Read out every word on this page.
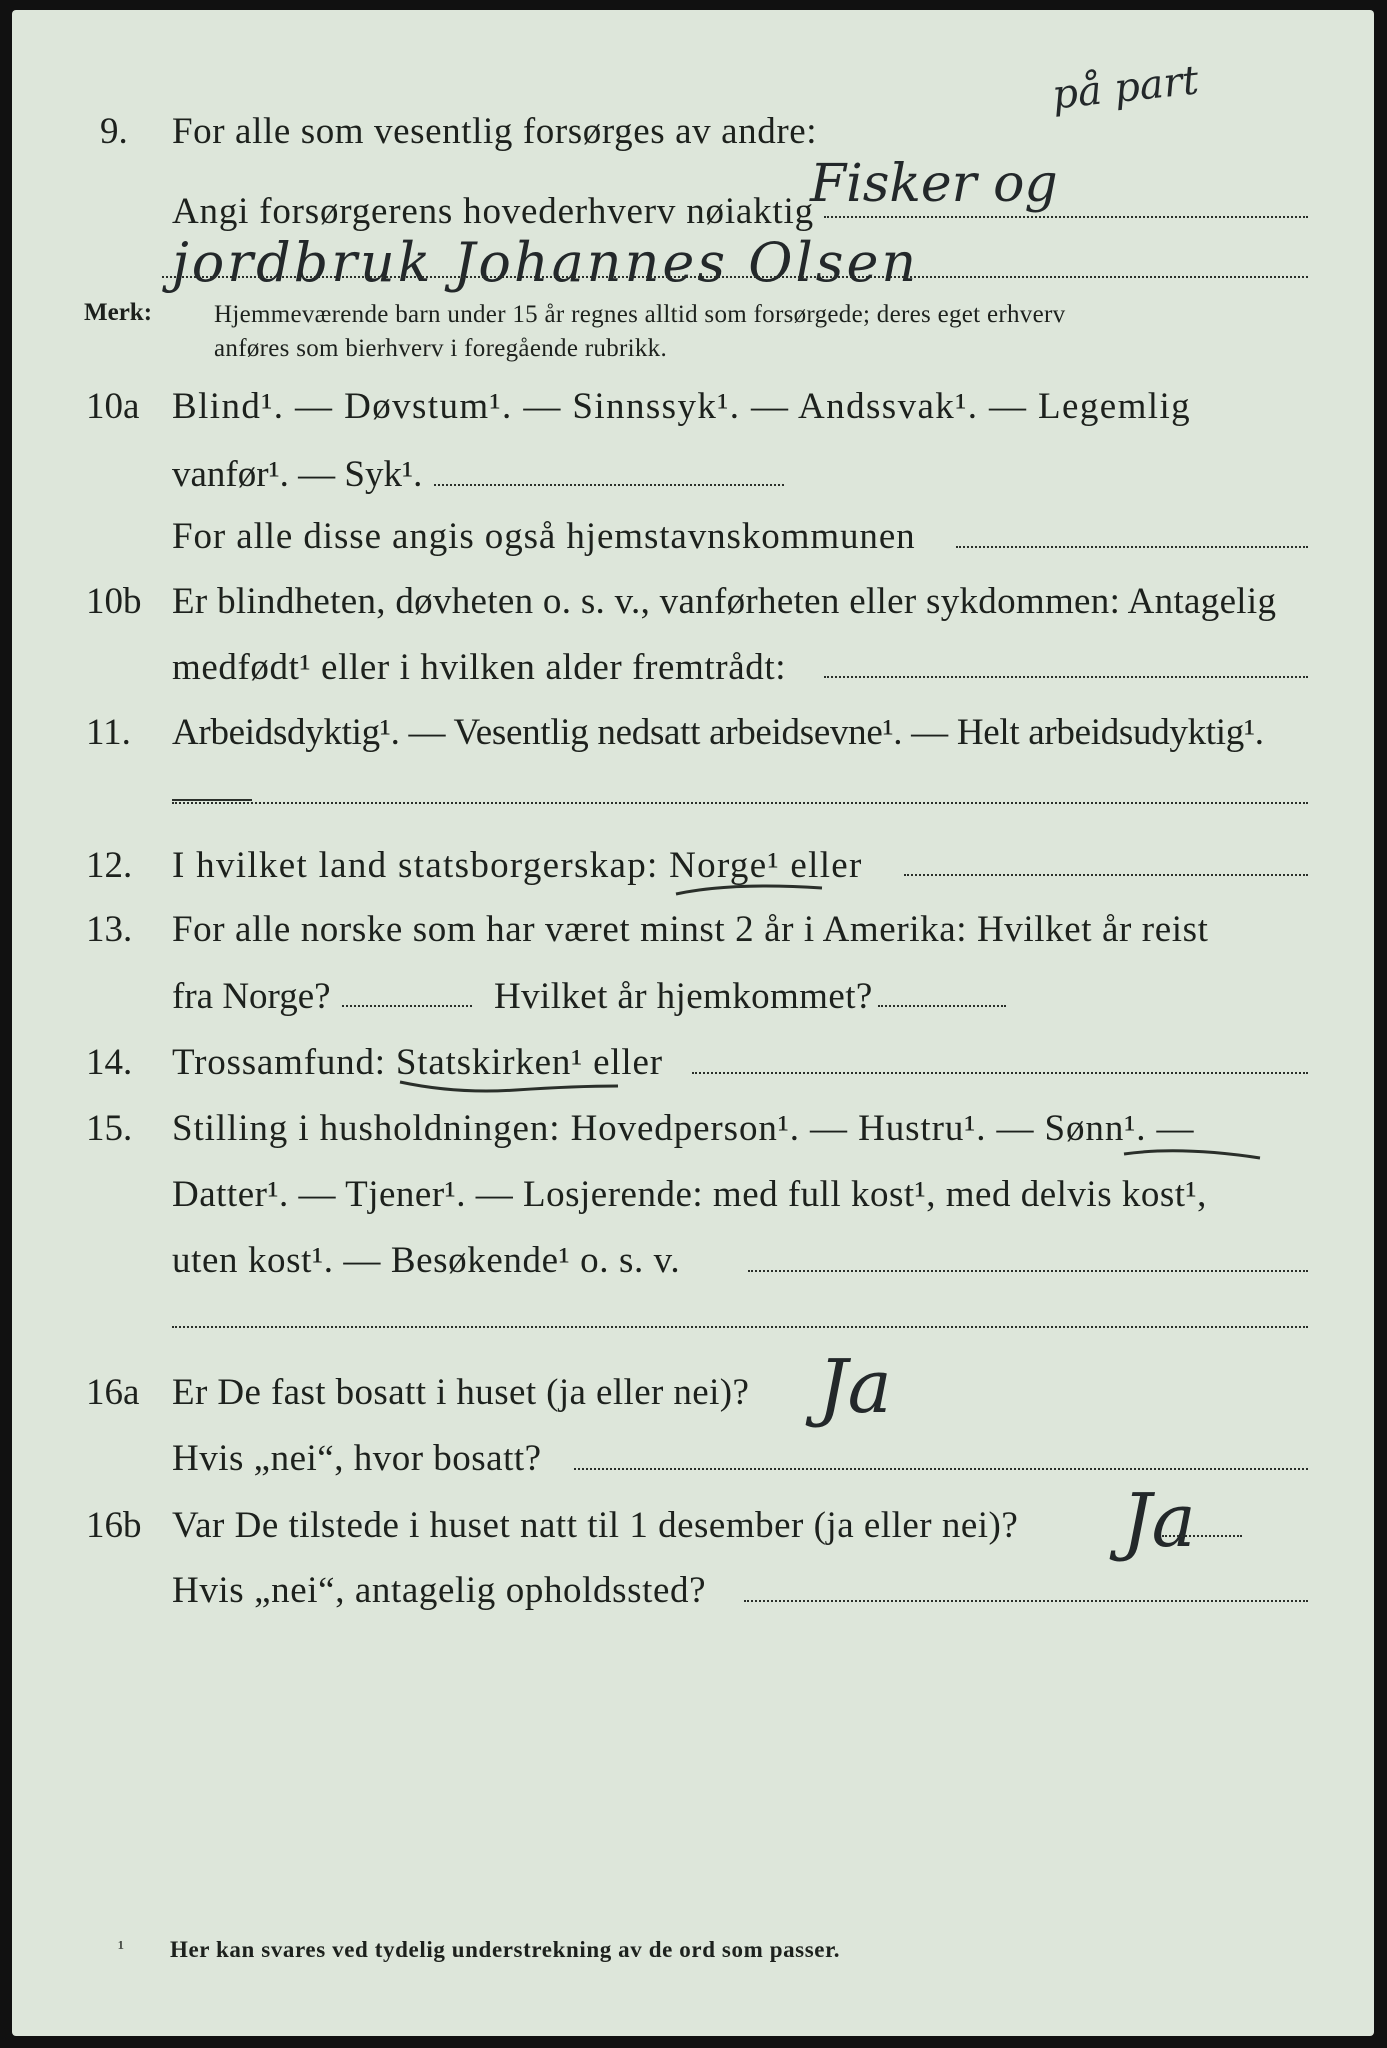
9. For alle som vesentlig forsørges av andre:
på part
Angi forsørgerens hovederhverv nøiaktig
Fisker og
jordbruk Johannes Olsen
Merk: Hjemmeværende barn under 15 år regnes alltid som forsørgede; deres eget erhverv
anføres som bierhverv i foregående rubrikk.
10a Blind¹. — Døvstum¹. — Sinnssyk¹. — Andssvak¹. — Legemlig
vanfør¹. — Syk¹.
For alle disse angis også hjemstavnskommunen
10b Er blindheten, døvheten o. s. v., vanførheten eller sykdommen: Antagelig
medfødt¹ eller i hvilken alder fremtrådt:
11. Arbeidsdyktig¹. — Vesentlig nedsatt arbeidsevne¹. — Helt arbeidsudyktig¹.
12. I hvilket land statsborgerskap: Norge¹ eller
13. For alle norske som har været minst 2 år i Amerika: Hvilket år reist
fra Norge?	Hvilket år hjemkommet?
14. Trossamfund: Statskirken¹ eller
15. Stilling i husholdningen: Hovedperson¹. — Hustru¹. — Sønn¹. —
Datter¹. — Tjener¹. — Losjerende: med full kost¹, med delvis kost¹,
uten kost¹. — Besøkende¹ o. s. v.
16a Er De fast bosatt i huset (ja eller nei)? Ja
Hvis „nei“, hvor bosatt?
16b Var De tilstede i huset natt til 1 desember (ja eller nei)? Ja
Hvis „nei“, antagelig opholdssted?
¹ Her kan svares ved tydelig understrekning av de ord som passer.
